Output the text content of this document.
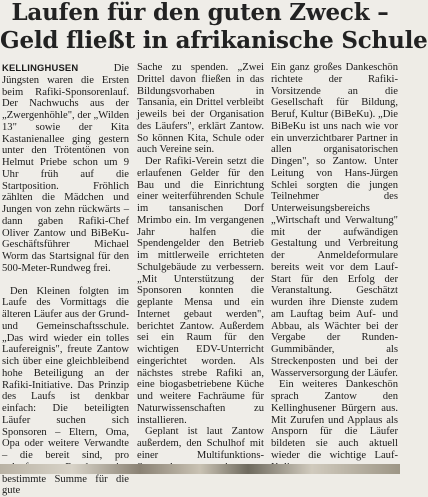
Laufen für den guten Zweck –
Geld fließt in afrikanische Schule

KELLINGHUSEN	Die Jüngsten waren die Ersten beim Rafiki-Sponsorenlauf. Der Nachwuchs aus der „Zwergenhöhle", der „Wilden 13" sowie der Kita Kastanienallee ging gestern unter den Trötentönen von Helmut Priebe schon um 9 Uhr früh auf die Startposition. Fröhlich zählten die Mädchen und Jungen von zehn rückwärts – dann gaben Rafiki-Chef Oliver Zantow und BiBeKu-Geschäftsführer Michael Worm das Startsignal für den 500-Meter-Rundweg frei.

Den Kleinen folgten im Laufe des Vormittags die älteren Läufer aus der Grund- und Gemeinschaftsschule. „Das wird wieder ein tolles Laufereignis", freute Zantow sich über eine gleichbleibend hohe Beteiligung an der Rafiki-Initiative. Das Prinzip des Laufs ist denkbar einfach: Die beteiligten Läufer suchen sich Sponsoren – Eltern, Oma, Opa oder weitere Verwandte – die bereit sind, pro bestimmte Summe für die gute

Sache zu spenden. „Zwei Drittel davon fließen in das Bildungsvorhaben in Tansania, ein Drittel verbleibt jeweils bei der Organisation des Läufers", erklärt Zantow. So können Kita, Schule oder auch Vereine sein.

Der Rafiki-Verein setzt die erlaufenen Gelder für den Bau und die Einrichtung einer weiterführenden Schule im tansanischen Dorf Mrimbo ein. Im vergangenen Jahr halfen die Spendengelder den Betrieb im mittlerweile errichteten Schulgebäude zu verbessern. „Mit Unterstützung der Sponsoren konnten die geplante Mensa und ein Internet gebaut werden", berichtet Zantow. Außerdem sei ein Raum für den wichtigen EDV-Unterricht eingerichtet worden. Als nächstes strebe Rafiki an, eine biogasbetriebene Küche und weitere Fachräume für Naturwissenschaften zu installieren.

Geplant ist laut Zantow außerdem, den Schulhof mit einer Multifunktions-

Ein ganz großes Dankeschön richtete der Rafiki-Vorsitzende an die Gesellschaft für Bildung, Beruf, Kultur (BiBeKu). „Die BiBeKu ist uns nach wie vor ein unverzichtbarer Partner in allen organisatorischen Dingen", so Zantow. Unter Leitung von Hans-Jürgen Schlei sorgten die jungen Teilnehmer des Unterweisungsbereichs „Wirtschaft und Verwaltung" mit der aufwändigen Gestaltung und Verbreitung der Anmeldeformulare bereits weit vor dem Lauf-Start für den Erfolg der Veranstaltung. Geschätzt wurden ihre Dienste zudem am Lauftag beim Auf- und Abbau, als Wächter bei der Vergabe der Runden-Gummibänder, als Streckenposten und bei der Wasserversorgung der Läufer.

Ein weiteres Dankeschön sprach Zantow den Kellinghusener Bürgern aus. Mit Zurufen und Applaus als Ansporn für die Läufer bildeten sie auch aktuell wieder die wichtige Lauf-
